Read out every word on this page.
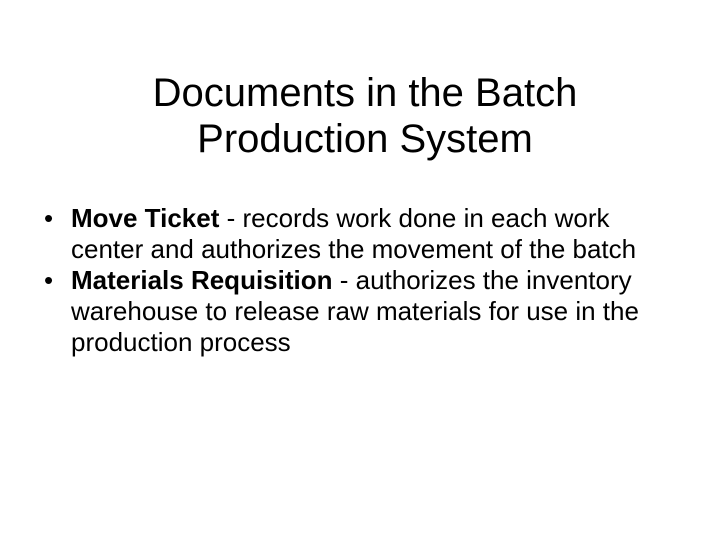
Documents in the Batch
Production System
• Move Ticket - records work done in each work center and authorizes the movement of the batch
• Materials Requisition - authorizes the inventory warehouse to release raw materials for use in the production process
